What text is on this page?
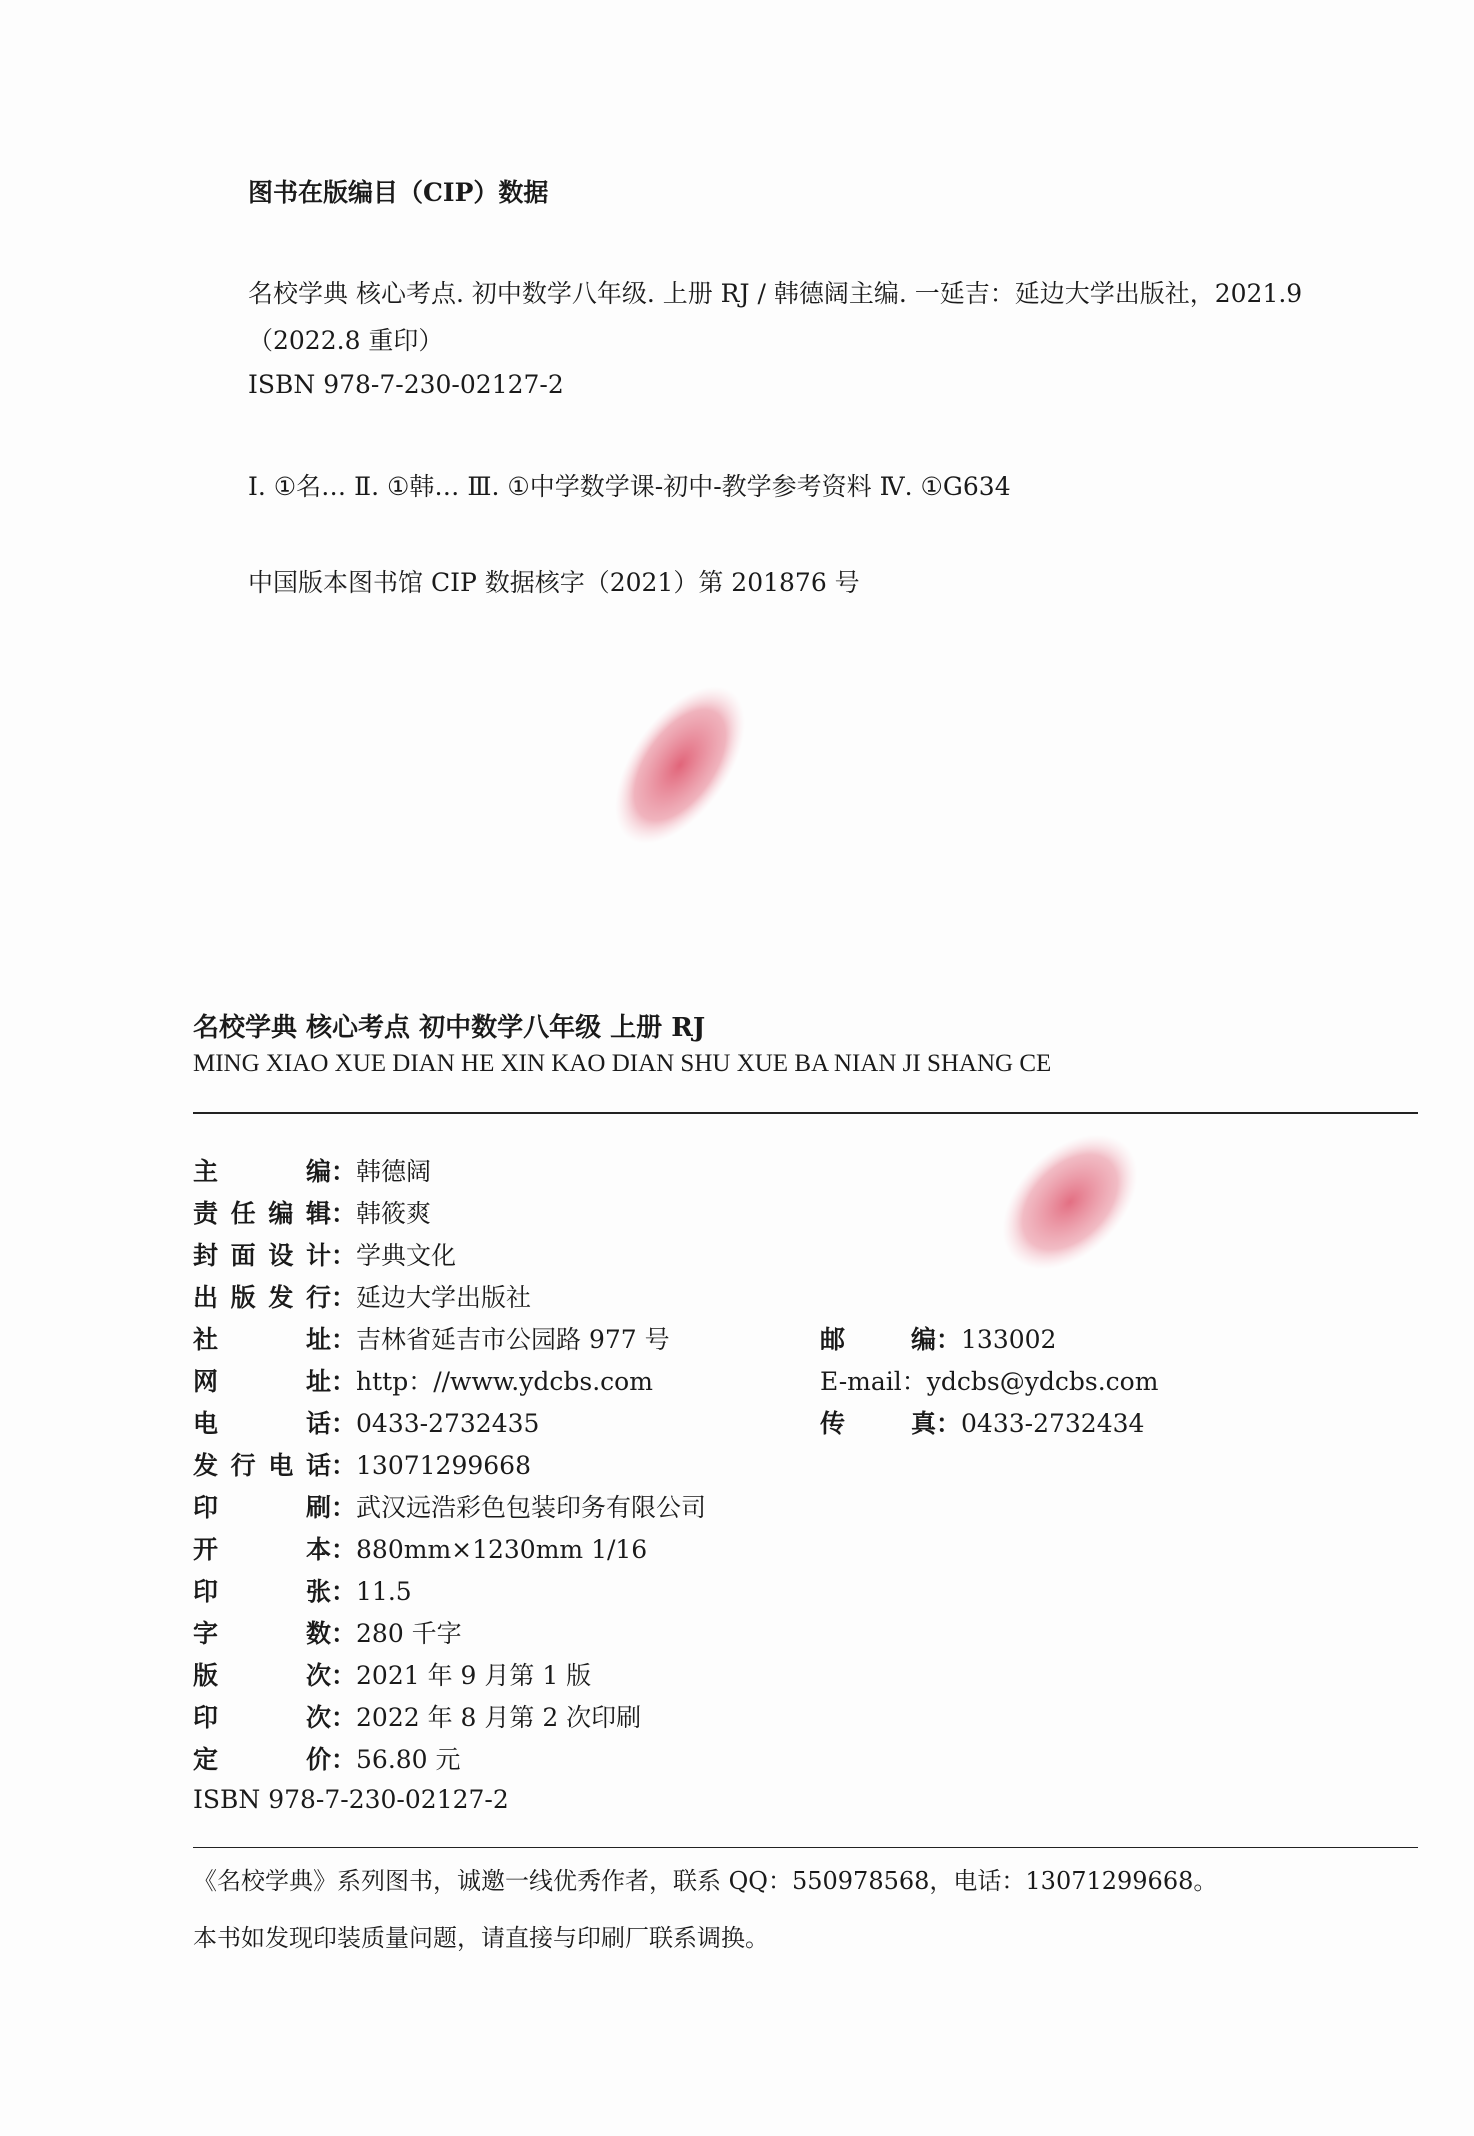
图书在版编目（CIP）数据
名校学典 核心考点. 初中数学八年级. 上册 RJ / 韩德阔主编. 一延吉：延边大学出版社，2021.9
（2022.8 重印）
ISBN 978-7-230-02127-2
Ⅰ. ①名… Ⅱ. ①韩… Ⅲ. ①中学数学课-初中-教学参考资料 Ⅳ. ①G634
中国版本图书馆 CIP 数据核字（2021）第 201876 号
名校学典 核心考点 初中数学八年级 上册 RJ
MING XIAO XUE DIAN HE XIN KAO DIAN SHU XUE BA NIAN JI SHANG CE
主编：韩德阔
责任编辑：韩筱爽
封面设计：学典文化
出版发行：延边大学出版社
社址：吉林省延吉市公园路 977 号
网址：http：//www.ydcbs.com
电话：0433-2732435
发行电话：13071299668
印刷：武汉远浩彩色包装印务有限公司
开本：880mm×1230mm 1/16
印张：11.5
字数：280 千字
版次：2021 年 9 月第 1 版
印次：2022 年 8 月第 2 次印刷
定价：56.80 元
ISBN 978-7-230-02127-2
邮编：133002
E-mail：ydcbs@ydcbs.com
传真：0433-2732434
《名校学典》系列图书，诚邀一线优秀作者，联系 QQ：550978568，电话：13071299668。
本书如发现印装质量问题，请直接与印刷厂联系调换。
